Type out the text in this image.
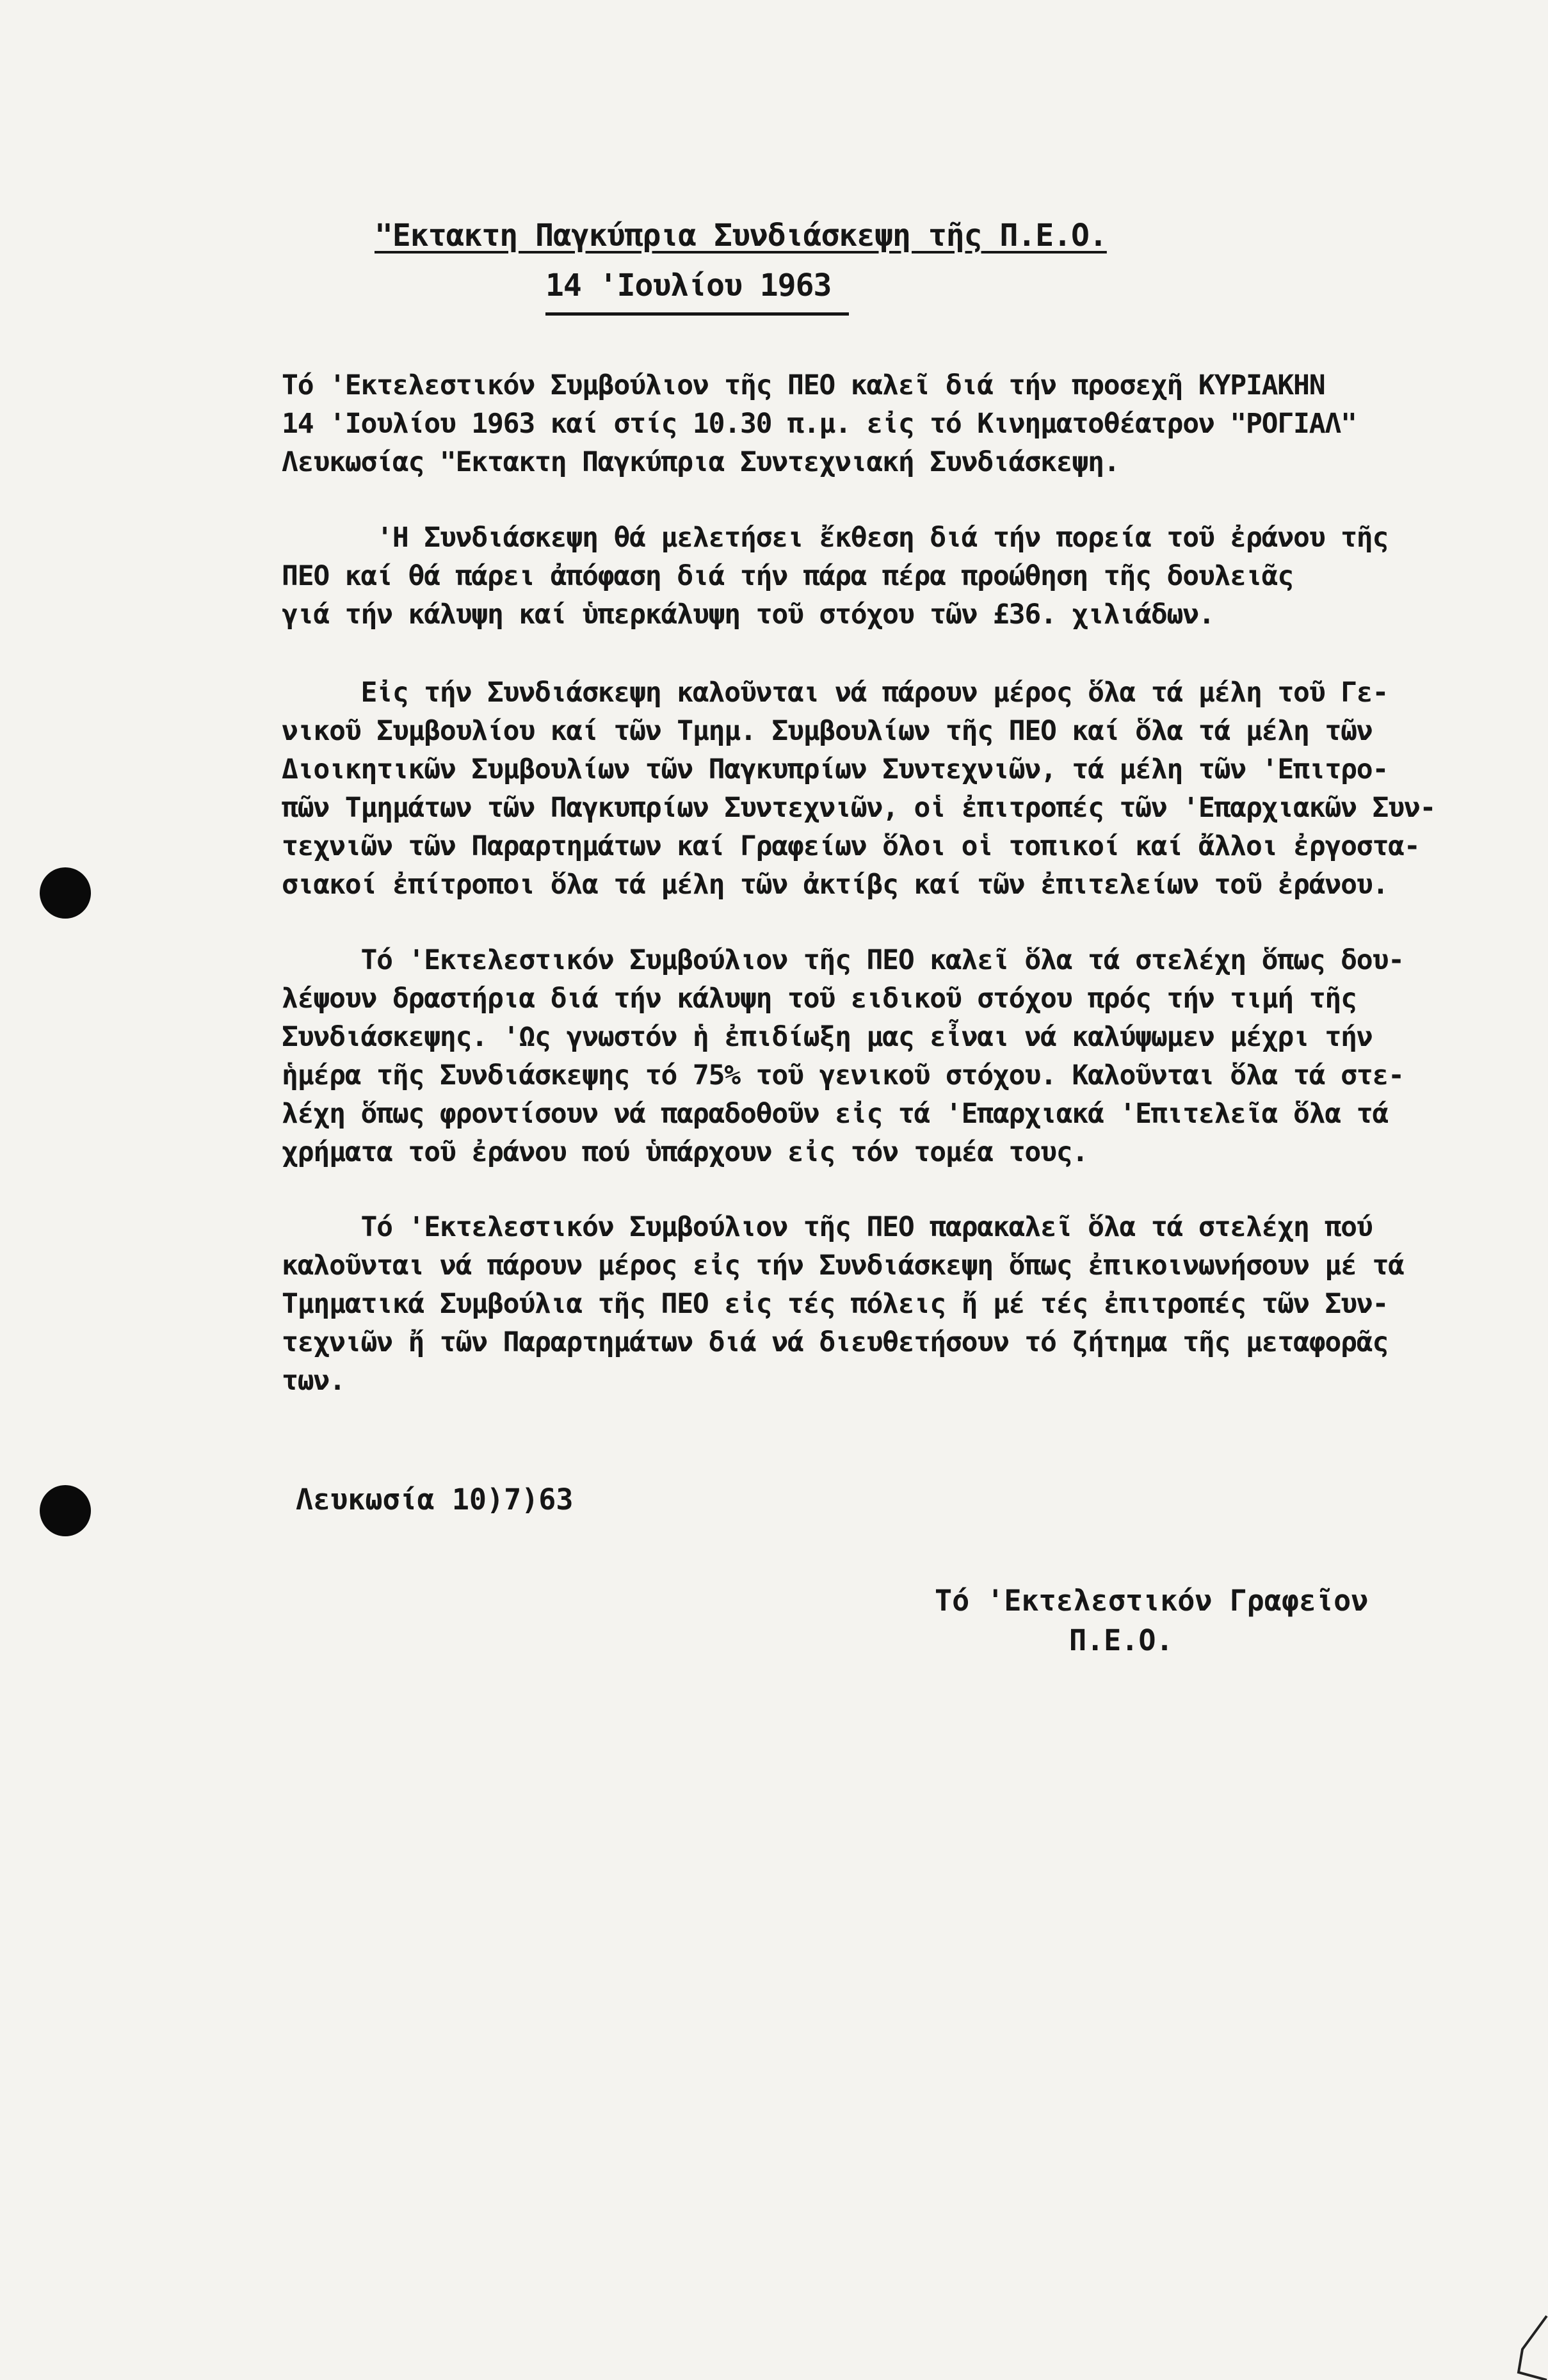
"Εκτακτη Παγκύπρια Συνδιάσκεψη τῆς Π.Ε.Ο.
14 'Ιουλίου 1963
Τό 'Εκτελεστικόν Συμβούλιον τῆς ΠΕΟ καλεῖ διά τήν προσεχῆ ΚΥΡΙΑΚΗΝ
14 'Ιουλίου 1963 καί στίς 10.30 π.μ. εἰς τό Κινηματοθέατρον "ΡΟΓΙΑΛ"
Λευκωσίας "Εκτακτη Παγκύπρια Συντεχνιακή Συνδιάσκεψη.
'Η Συνδιάσκεψη θά μελετήσει ἔκθεση διά τήν πορεία τοῦ ἐράνου τῆς
ΠΕΟ καί θά πάρει ἀπόφαση διά τήν πάρα πέρα προώθηση τῆς δουλειᾶς
γιά τήν κάλυψη καί ὑπερκάλυψη τοῦ στόχου τῶν £36. χιλιάδων.
Εἰς τήν Συνδιάσκεψη καλοῦνται νά πάρουν μέρος ὅλα τά μέλη τοῦ Γε-
νικοῦ Συμβουλίου καί τῶν Τμημ. Συμβουλίων τῆς ΠΕΟ καί ὅλα τά μέλη τῶν
Διοικητικῶν Συμβουλίων τῶν Παγκυπρίων Συντεχνιῶν, τά μέλη τῶν 'Επιτρο-
πῶν Τμημάτων τῶν Παγκυπρίων Συντεχνιῶν, οἱ ἐπιτροπές τῶν 'Επαρχιακῶν Συν-
τεχνιῶν τῶν Παραρτημάτων καί Γραφείων ὅλοι οἱ τοπικοί καί ἄλλοι ἐργοστα-
σιακοί ἐπίτροποι ὅλα τά μέλη τῶν ἀκτίβς καί τῶν ἐπιτελείων τοῦ ἐράνου.
Τό 'Εκτελεστικόν Συμβούλιον τῆς ΠΕΟ καλεῖ ὅλα τά στελέχη ὅπως δου-
λέψουν δραστήρια διά τήν κάλυψη τοῦ ειδικοῦ στόχου πρός τήν τιμή τῆς
Συνδιάσκεψης. 'Ως γνωστόν ἡ ἐπιδίωξη μας εἶναι νά καλύψωμεν μέχρι τήν
ἡμέρα τῆς Συνδιάσκεψης τό 75% τοῦ γενικοῦ στόχου. Καλοῦνται ὅλα τά στε-
λέχη ὅπως φροντίσουν νά παραδοθοῦν εἰς τά 'Επαρχιακά 'Επιτελεῖα ὅλα τά
χρήματα τοῦ ἐράνου πού ὑπάρχουν εἰς τόν τομέα τους.
Τό 'Εκτελεστικόν Συμβούλιον τῆς ΠΕΟ παρακαλεῖ ὅλα τά στελέχη πού
καλοῦνται νά πάρουν μέρος εἰς τήν Συνδιάσκεψη ὅπως ἐπικοινωνήσουν μέ τά
Τμηματικά Συμβούλια τῆς ΠΕΟ εἰς τές πόλεις ἤ μέ τές ἐπιτροπές τῶν Συν-
τεχνιῶν ἤ τῶν Παραρτημάτων διά νά διευθετήσουν τό ζήτημα τῆς μεταφορᾶς
των.
Λευκωσία 10)7)63
Τό 'Εκτελεστικόν Γραφεῖον
Π.Ε.Ο.
